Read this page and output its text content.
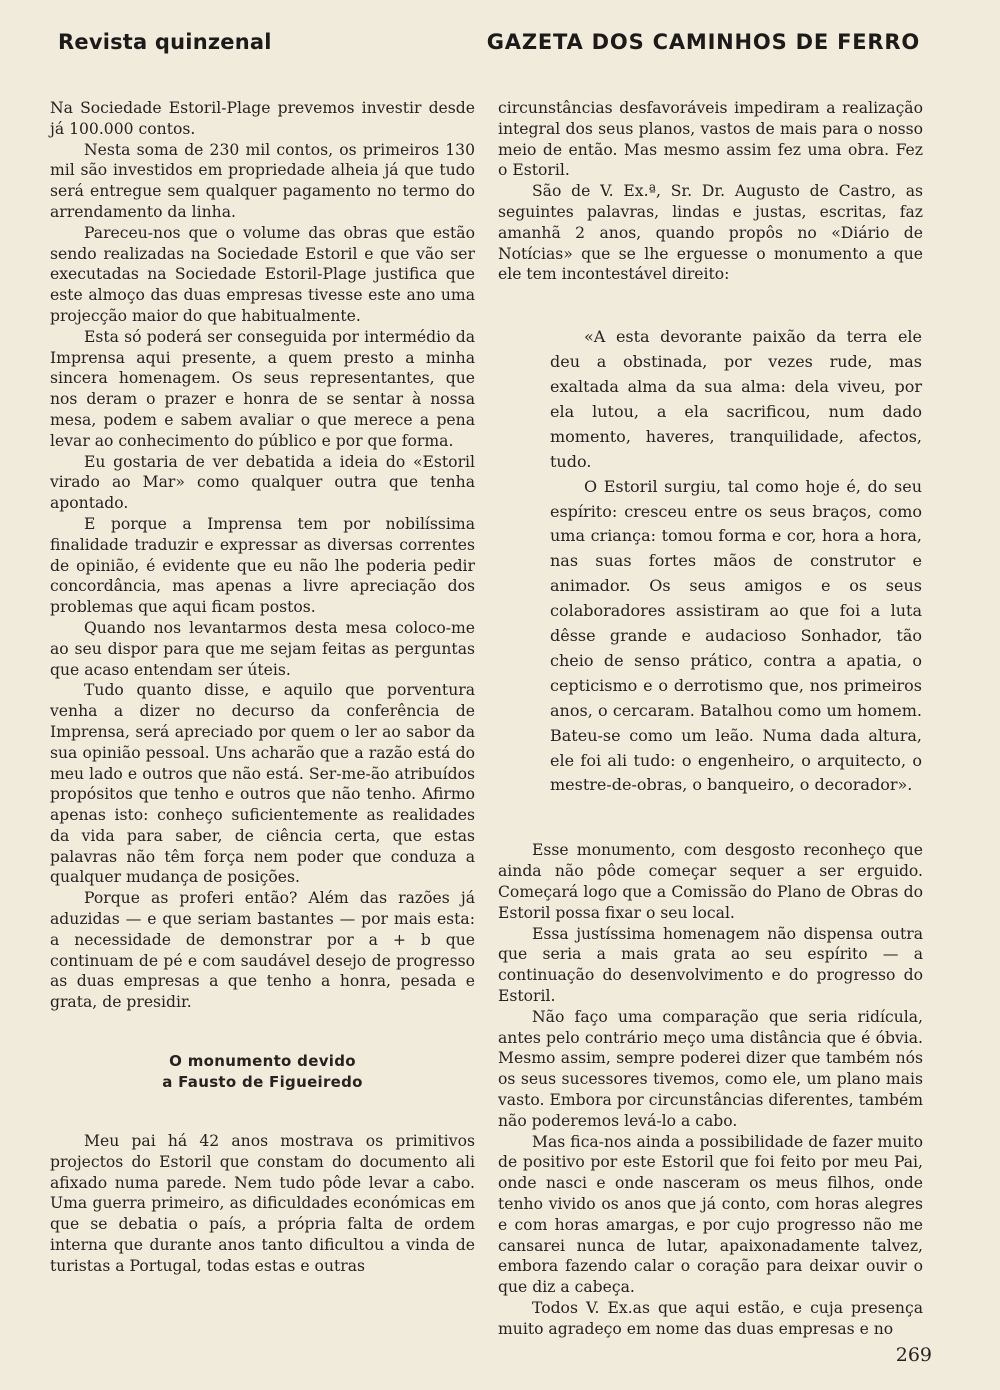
Revista quinzenal	GAZETA DOS CAMINHOS DE FERRO

Na Sociedade Estoril-Plage prevemos investir desde já 100.000 contos.

Nesta soma de 230 mil contos, os primeiros 130 mil são investidos em propriedade alheia já que tudo será entregue sem qualquer pagamento no termo do arrendamento da linha.

Pareceu-nos que o volume das obras que estão sendo realizadas na Sociedade Estoril e que vão ser executadas na Sociedade Estoril-Plage justifica que este almoço das duas empresas tivesse este ano uma projecção maior do que habitualmente.

Esta só poderá ser conseguida por intermédio da Imprensa aqui presente, a quem presto a minha sincera homenagem. Os seus representantes, que nos deram o prazer e honra de se sentar à nossa mesa, podem e sabem avaliar o que merece a pena levar ao conhecimento do público e por que forma.

Eu gostaria de ver debatida a ideia do «Estoril virado ao Mar» como qualquer outra que tenha apontado.

E porque a Imprensa tem por nobilíssima finalidade traduzir e expressar as diversas correntes de opinião, é evidente que eu não lhe poderia pedir concordância, mas apenas a livre apreciação dos problemas que aqui ficam postos.

Quando nos levantarmos desta mesa coloco-me ao seu dispor para que me sejam feitas as perguntas que acaso entendam ser úteis.

Tudo quanto disse, e aquilo que porventura venha a dizer no decurso da conferência de Imprensa, será apreciado por quem o ler ao sabor da sua opinião pessoal. Uns acharão que a razão está do meu lado e outros que não está. Ser-me-ão atribuídos propósitos que tenho e outros que não tenho. Afirmo apenas isto: conheço suficientemente as realidades da vida para saber, de ciência certa, que estas palavras não têm força nem poder que conduza a qualquer mudança de posições.

Porque as proferi então? Além das razões já aduzidas — e que seriam bastantes — por mais esta: a necessidade de demonstrar por a + b que continuam de pé e com saudável desejo de progresso as duas empresas a que tenho a honra, pesada e grata, de presidir.

O monumento devido
a Fausto de Figueiredo

Meu pai há 42 anos mostrava os primitivos projectos do Estoril que constam do documento ali afixado numa parede. Nem tudo pôde levar a cabo. Uma guerra primeiro, as dificuldades económicas em que se debatia o país, a própria falta de ordem interna que durante anos tanto dificultou a vinda de turistas a Portugal, todas estas e outras

circunstâncias desfavoráveis impediram a realização integral dos seus planos, vastos de mais para o nosso meio de então. Mas mesmo assim fez uma obra. Fez o Estoril.

São de V. Ex.ª, Sr. Dr. Augusto de Castro, as seguintes palavras, lindas e justas, escritas, faz amanhã 2 anos, quando propôs no «Diário de Notícias» que se lhe erguesse o monumento a que ele tem incontestável direito:

«A esta devorante paixão da terra ele deu a obstinada, por vezes rude, mas exaltada alma da sua alma: dela viveu, por ela lutou, a ela sacrificou, num dado momento, haveres, tranquilidade, afectos, tudo.

O Estoril surgiu, tal como hoje é, do seu espírito: cresceu entre os seus braços, como uma criança: tomou forma e cor, hora a hora, nas suas fortes mãos de construtor e animador. Os seus amigos e os seus colaboradores assistiram ao que foi a luta dêsse grande e audacioso Sonhador, tão cheio de senso prático, contra a apatia, o cepticismo e o derrotismo que, nos primeiros anos, o cercaram. Batalhou como um homem. Bateu-se como um leão. Numa dada altura, ele foi ali tudo: o engenheiro, o arquitecto, o mestre-de-obras, o banqueiro, o decorador».

Esse monumento, com desgosto reconheço que ainda não pôde começar sequer a ser erguido. Começará logo que a Comissão do Plano de Obras do Estoril possa fixar o seu local.

Essa justíssima homenagem não dispensa outra que seria a mais grata ao seu espírito — a continuação do desenvolvimento e do progresso do Estoril.

Não faço uma comparação que seria ridícula, antes pelo contrário meço uma distância que é óbvia. Mesmo assim, sempre poderei dizer que também nós os seus sucessores tivemos, como ele, um plano mais vasto. Embora por circunstâncias diferentes, também não poderemos levá-lo a cabo.

Mas fica-nos ainda a possibilidade de fazer muito de positivo por este Estoril que foi feito por meu Pai, onde nasci e onde nasceram os meus filhos, onde tenho vivido os anos que já conto, com horas alegres e com horas amargas, e por cujo progresso não me cansarei nunca de lutar, apaixonadamente talvez, embora fazendo calar o coração para deixar ouvir o que diz a cabeça.

Todos V. Ex.as que aqui estão, e cuja presença muito agradeço em nome das duas empresas e no

269
